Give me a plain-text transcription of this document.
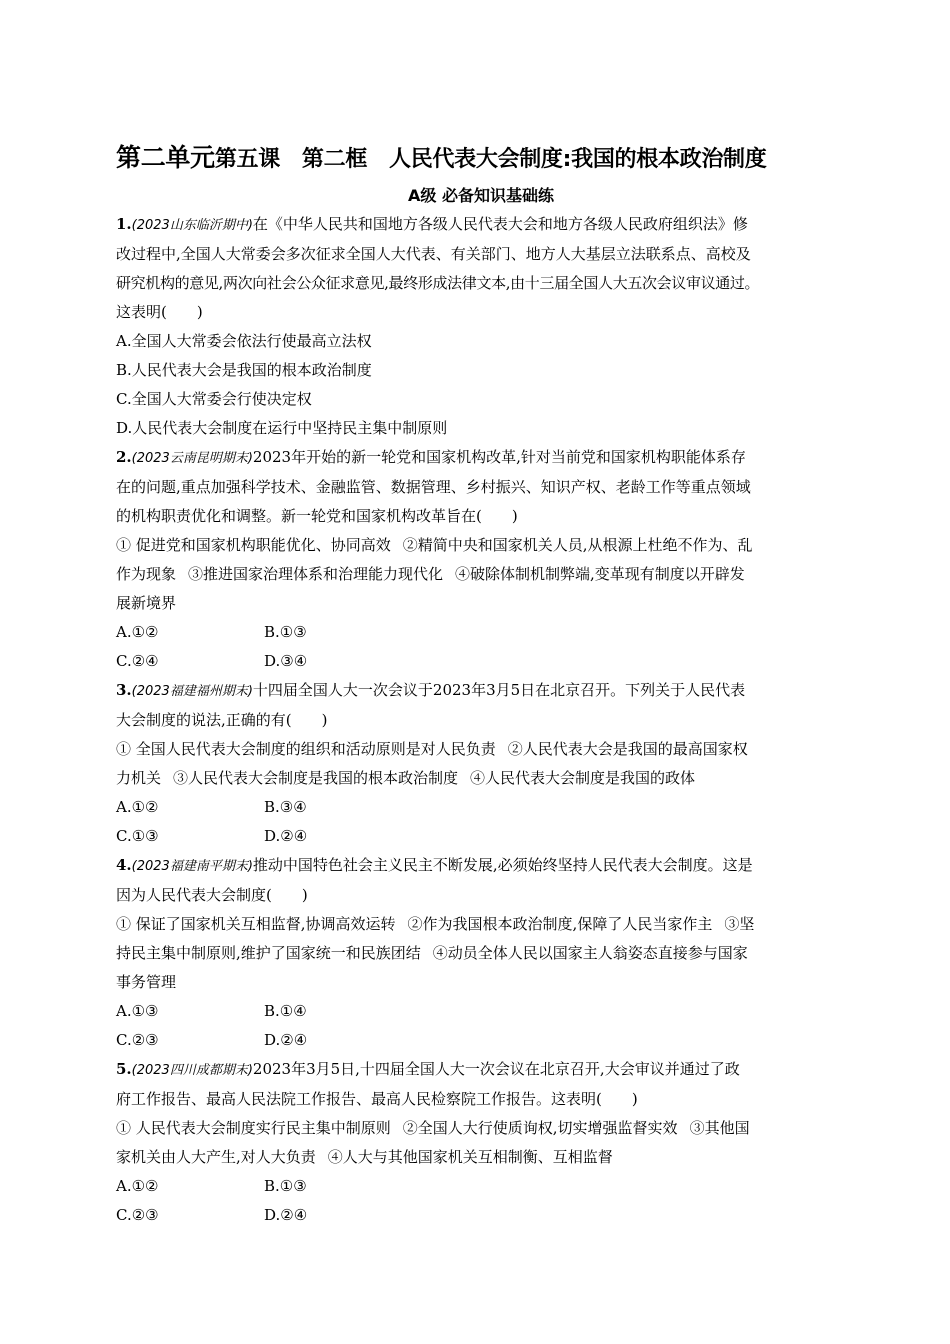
第二单元第五课 第二框 人民代表大会制度:我国的根本政治制度
A级 必备知识基础练

1.(2023山东临沂期中)在《中华人民共和国地方各级人民代表大会和地方各级人民政府组织法》修

改过程中,全国人大常委会多次征求全国人大代表、有关部门、地方人大基层立法联系点、高校及

研究机构的意见,两次向社会公众征求意见,最终形成法律文本,由十三届全国人大五次会议审议通过。

这表明(　　)

A.全国人大常委会依法行使最高立法权

B.人民代表大会是我国的根本政治制度

C.全国人大常委会行使决定权

D.人民代表大会制度在运行中坚持民主集中制原则

2.(2023云南昆明期末)2023年开始的新一轮党和国家机构改革,针对当前党和国家机构职能体系存

在的问题,重点加强科学技术、金融监管、数据管理、乡村振兴、知识产权、老龄工作等重点领域

的机构职责优化和调整。新一轮党和国家机构改革旨在(　　)

① 促进党和国家机构职能优化、协同高效 ②精简中央和国家机关人员,从根源上杜绝不作为、乱

作为现象 ③推进国家治理体系和治理能力现代化 ④破除体制机制弊端,变革现有制度以开辟发

展新境界

A.①②	B.①③
C.②④	D.③④

3.(2023福建福州期末)十四届全国人大一次会议于2023年3月5日在北京召开。下列关于人民代表

大会制度的说法,正确的有(　　)

① 全国人民代表大会制度的组织和活动原则是对人民负责 ②人民代表大会是我国的最高国家权

力机关 ③人民代表大会制度是我国的根本政治制度 ④人民代表大会制度是我国的政体

A.①②	B.③④
C.①③	D.②④

4.(2023福建南平期末)推动中国特色社会主义民主不断发展,必须始终坚持人民代表大会制度。这是

因为人民代表大会制度(　　)

① 保证了国家机关互相监督,协调高效运转 ②作为我国根本政治制度,保障了人民当家作主 ③坚

持民主集中制原则,维护了国家统一和民族团结 ④动员全体人民以国家主人翁姿态直接参与国家

事务管理

A.①③	B.①④
C.②③	D.②④

5.(2023四川成都期末)2023年3月5日,十四届全国人大一次会议在北京召开,大会审议并通过了政

府工作报告、最高人民法院工作报告、最高人民检察院工作报告。这表明(　　)

① 人民代表大会制度实行民主集中制原则 ②全国人大行使质询权,切实增强监督实效 ③其他国

家机关由人大产生,对人大负责 ④人大与其他国家机关互相制衡、互相监督

A.①②	B.①③
C.②③	D.②④
